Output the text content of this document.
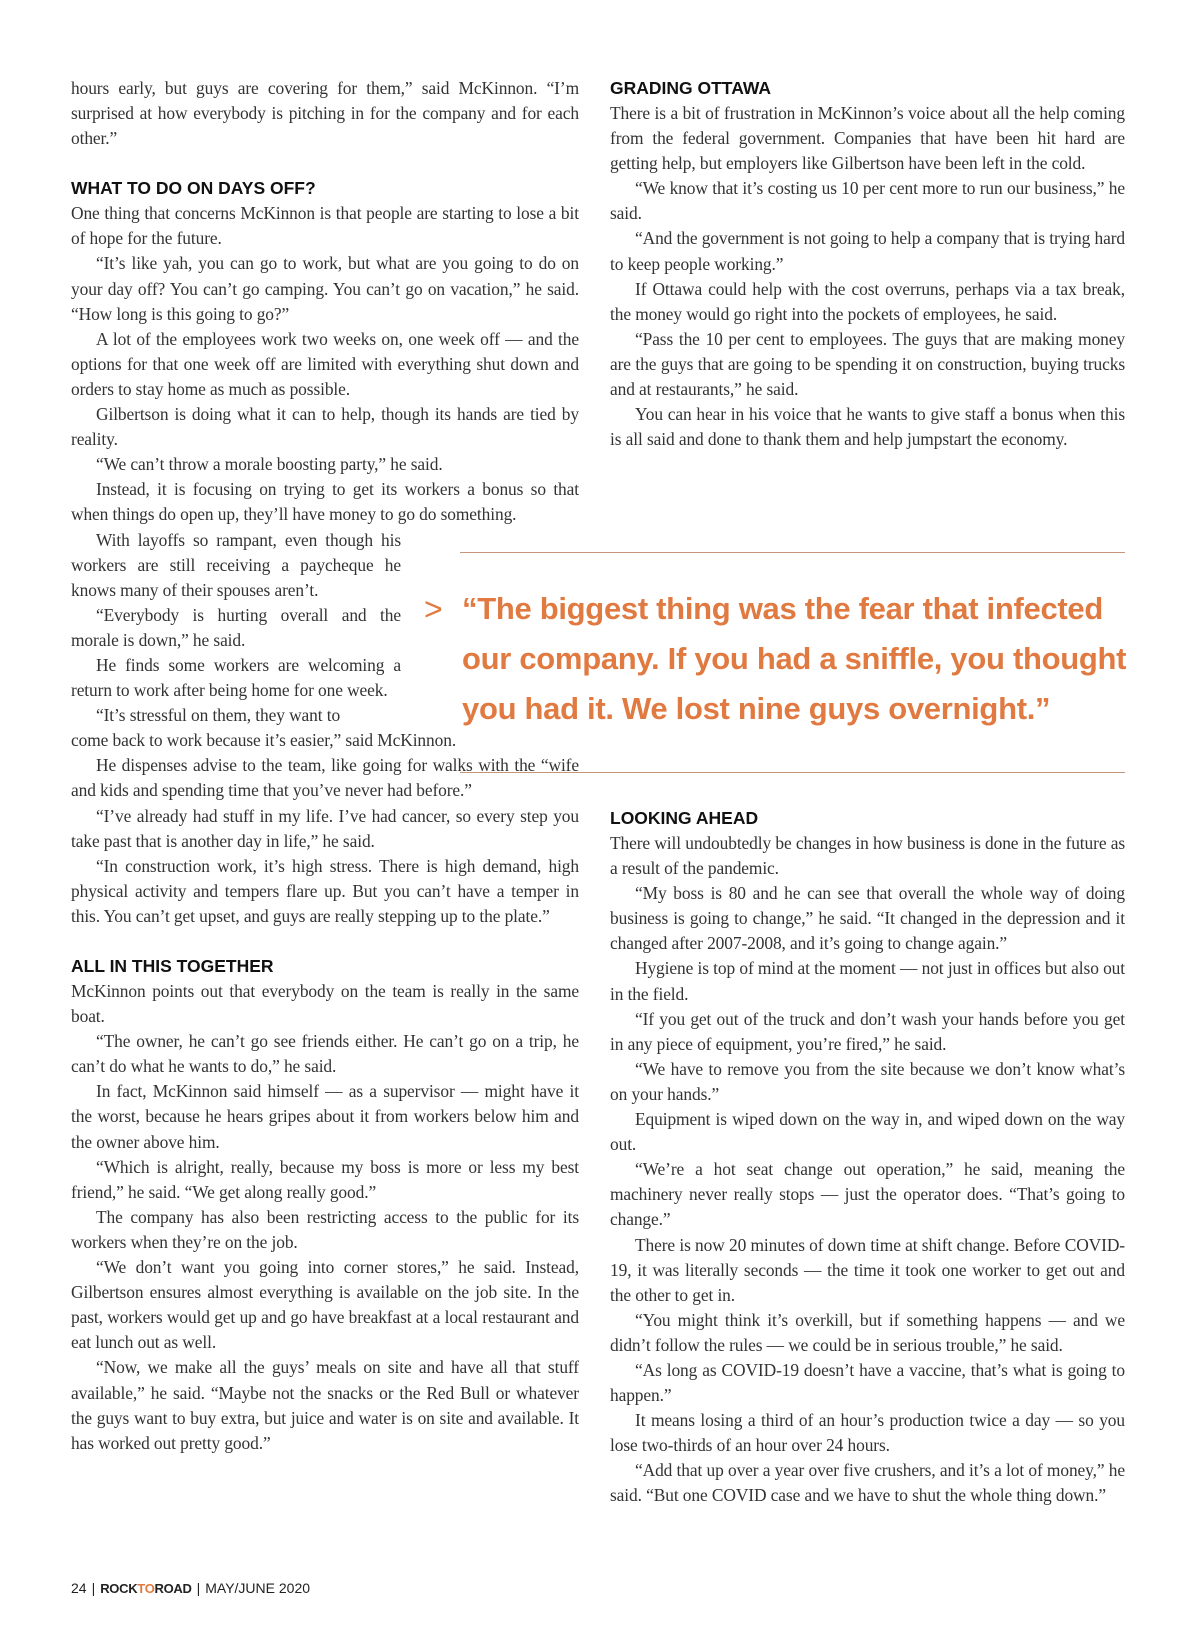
hours early, but guys are covering for them,” said McKinnon. “I’m surprised at how everybody is pitching in for the company and for each other.”

WHAT TO DO ON DAYS OFF?

One thing that concerns McKinnon is that people are starting to lose a bit of hope for the future.

“It’s like yah, you can go to work, but what are you going to do on your day off? You can’t go camping. You can’t go on vacation,” he said. “How long is this going to go?”

A lot of the employees work two weeks on, one week off — and the options for that one week off are limited with everything shut down and orders to stay home as much as possible.

Gilbertson is doing what it can to help, though its hands are tied by reality.

“We can’t throw a morale boosting party,” he said.

Instead, it is focusing on trying to get its workers a bonus so that when things do open up, they’ll have money to go do something.

With layoffs so rampant, even though his workers are still receiving a paycheque he knows many of their spouses aren’t.

“Everybody is hurting overall and the morale is down,” he said.

He finds some workers are welcoming a return to work after being home for one week.

“It’s stressful on them, they want to

come back to work because it’s easier,” said McKinnon.

He dispenses advise to the team, like going for walks with the “wife and kids and spending time that you’ve never had before.”

“I’ve already had stuff in my life. I’ve had cancer, so every step you take past that is another day in life,” he said.

“In construction work, it’s high stress. There is high demand, high physical activity and tempers flare up. But you can’t have a temper in this. You can’t get upset, and guys are really stepping up to the plate.”

ALL IN THIS TOGETHER

McKinnon points out that everybody on the team is really in the same boat.

“The owner, he can’t go see friends either. He can’t go on a trip, he can’t do what he wants to do,” he said.

In fact, McKinnon said himself — as a supervisor — might have it the worst, because he hears gripes about it from workers below him and the owner above him.

“Which is alright, really, because my boss is more or less my best friend,” he said. “We get along really good.”

The company has also been restricting access to the public for its workers when they’re on the job.

“We don’t want you going into corner stores,” he said. Instead, Gilbertson ensures almost everything is available on the job site. In the past, workers would get up and go have breakfast at a local restaurant and eat lunch out as well.

“Now, we make all the guys’ meals on site and have all that stuff available,” he said. “Maybe not the snacks or the Red Bull or whatever the guys want to buy extra, but juice and water is on site and available. It has worked out pretty good.”

GRADING OTTAWA

There is a bit of frustration in McKinnon’s voice about all the help coming from the federal government. Companies that have been hit hard are getting help, but employers like Gilbertson have been left in the cold.

“We know that it’s costing us 10 per cent more to run our business,” he said.

“And the government is not going to help a company that is trying hard to keep people working.”

If Ottawa could help with the cost overruns, perhaps via a tax break, the money would go right into the pockets of employees, he said.

“Pass the 10 per cent to employees. The guys that are making money are the guys that are going to be spending it on construction, buying trucks and at restaurants,” he said.

You can hear in his voice that he wants to give staff a bonus when this is all said and done to thank them and help jumpstart the economy.

> “The biggest thing was the fear that infected our company. If you had a sniffle, you thought you had it. We lost nine guys overnight.”
LOOKING AHEAD

There will undoubtedly be changes in how business is done in the future as a result of the pandemic.

“My boss is 80 and he can see that overall the whole way of doing business is going to change,” he said. “It changed in the depression and it changed after 2007-2008, and it’s going to change again.”

Hygiene is top of mind at the moment — not just in offices but also out in the field.

“If you get out of the truck and don’t wash your hands before you get in any piece of equipment, you’re fired,” he said.

“We have to remove you from the site because we don’t know what’s on your hands.”

Equipment is wiped down on the way in, and wiped down on the way out.

“We’re a hot seat change out operation,” he said, meaning the machinery never really stops — just the operator does. “That’s going to change.”

There is now 20 minutes of down time at shift change. Before COVID-19, it was literally seconds — the time it took one worker to get out and the other to get in.

“You might think it’s overkill, but if something happens — and we didn’t follow the rules — we could be in serious trouble,” he said.

“As long as COVID-19 doesn’t have a vaccine, that’s what is going to happen.”

It means losing a third of an hour’s production twice a day — so you lose two-thirds of an hour over 24 hours.

“Add that up over a year over five crushers, and it’s a lot of money,” he said. “But one COVID case and we have to shut the whole thing down.”

24 | ROCKTOROAD | MAY/JUNE 2020
